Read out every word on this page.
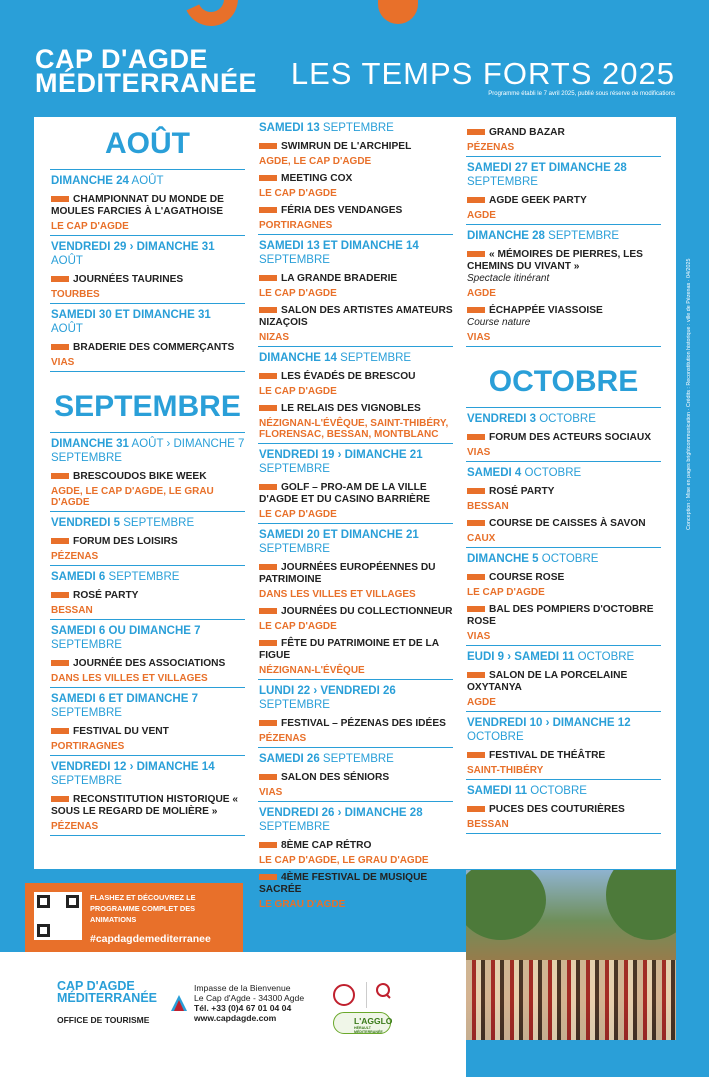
CAP D'AGDE
MÉDITERRANÉE LES TEMPS FORTS 2025
Programme établi le 7 avril 2025, publié sous réserve de modifications
Conception : Mise en pages brightcommunication · Crédits : Reconstitution historique : ville de Pézenas · 04/2025
AOÛT
DIMANCHE 24 AOÛT
CHAMPIONNAT DU MONDE DE MOULES FARCIES À L'AGATHOISE
LE CAP D'AGDE
VENDREDI 29 › DIMANCHE 31 AOÛT
JOURNÉES TAURINES
TOURBES
SAMEDI 30 ET DIMANCHE 31 AOÛT
BRADERIE DES COMMERÇANTS
VIAS
SEPTEMBRE
DIMANCHE 31 AOÛT › DIMANCHE 7 SEPTEMBRE
BRESCOUDOS BIKE WEEK
AGDE, LE CAP D'AGDE, LE GRAU D'AGDE
VENDREDI 5 SEPTEMBRE
FORUM DES LOISIRS
PÉZENAS
SAMEDI 6 SEPTEMBRE
ROSÉ PARTY
BESSAN
SAMEDI 6 OU DIMANCHE 7 SEPTEMBRE
JOURNÉE DES ASSOCIATIONS
DANS LES VILLES ET VILLAGES
SAMEDI 6 ET DIMANCHE 7 SEPTEMBRE
FESTIVAL DU VENT
PORTIRAGNES
VENDREDI 12 › DIMANCHE 14 SEPTEMBRE
RECONSTITUTION HISTORIQUE « SOUS LE REGARD DE MOLIÈRE »
PÉZENAS
SAMEDI 13 SEPTEMBRE
SWIMRUN DE L'ARCHIPEL
AGDE, LE CAP D'AGDE
MEETING COX
LE CAP D'AGDE
FÉRIA DES VENDANGES
PORTIRAGNES
SAMEDI 13 ET DIMANCHE 14 SEPTEMBRE
LA GRANDE BRADERIE
LE CAP D'AGDE
SALON DES ARTISTES AMATEURS NIZAÇOIS
NIZAS
DIMANCHE 14 SEPTEMBRE
LES ÉVADÉS DE BRESCOU
LE CAP D'AGDE
LE RELAIS DES VIGNOBLES
NÉZIGNAN-L'ÉVÊQUE, SAINT-THIBÉRY, FLORENSAC, BESSAN, MONTBLANC
VENDREDI 19 › DIMANCHE 21 SEPTEMBRE
GOLF – PRO-AM DE LA VILLE D'AGDE ET DU CASINO BARRIÈRE
LE CAP D'AGDE
SAMEDI 20 ET DIMANCHE 21 SEPTEMBRE
JOURNÉES EUROPÉENNES DU PATRIMOINE
DANS LES VILLES ET VILLAGES
JOURNÉES DU COLLECTIONNEUR
LE CAP D'AGDE
FÊTE DU PATRIMOINE ET DE LA FIGUE
NÉZIGNAN-L'ÉVÊQUE
LUNDI 22 › VENDREDI 26 SEPTEMBRE
FESTIVAL – PÉZENAS DES IDÉES
PÉZENAS
SAMEDI 26 SEPTEMBRE
SALON DES SÉNIORS
VIAS
VENDREDI 26 › DIMANCHE 28 SEPTEMBRE
8ÈME CAP RÉTRO
LE CAP D'AGDE, LE GRAU D'AGDE
4ÈME FESTIVAL DE MUSIQUE SACRÉE
LE GRAU D'AGDE
GRAND BAZAR
PÉZENAS
SAMEDI 27 ET DIMANCHE 28 SEPTEMBRE
AGDE GEEK PARTY
AGDE
DIMANCHE 28 SEPTEMBRE
« MÉMOIRES DE PIERRES, LES CHEMINS DU VIVANT »
Spectacle itinérant
AGDE
ÉCHAPPÉE VIASSOISE
Course nature
VIAS
OCTOBRE
VENDREDI 3 OCTOBRE
FORUM DES ACTEURS SOCIAUX
VIAS
SAMEDI 4 OCTOBRE
ROSÉ PARTY
BESSAN
COURSE DE CAISSES À SAVON
CAUX
DIMANCHE 5 OCTOBRE
COURSE ROSE
LE CAP D'AGDE
BAL DES POMPIERS D'OCTOBRE ROSE
VIAS
EUDI 9 › SAMEDI 11 OCTOBRE
SALON DE LA PORCELAINE OXYTANYA
AGDE
VENDREDI 10 › DIMANCHE 12 OCTOBRE
FESTIVAL DE THÉÂTRE
SAINT-THIBÉRY
SAMEDI 11 OCTOBRE
PUCES DES COUTURIÈRES
BESSAN
FLASHEZ ET DÉCOUVREZ LE PROGRAMME COMPLET DES ANIMATIONS
#capdagdemediterranee
CAP D'AGDE
MÉDITERRANÉE
OFFICE DE TOURISME
Impasse de la Bienvenue
Le Cap d'Agde - 34300 Agde
Tél. +33 (0)4 67 01 04 04
www.capdagde.com	L'AGGLO
HÉRAULT MÉDITERRANÉE
